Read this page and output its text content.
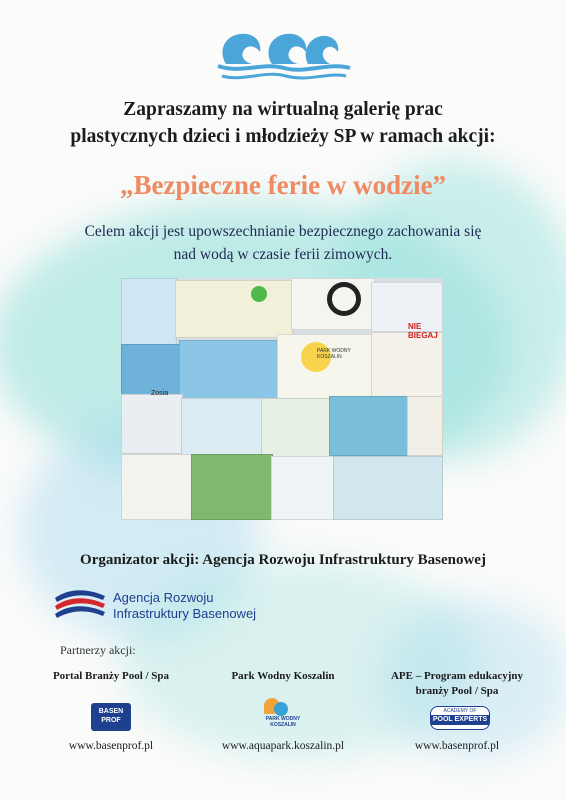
Zapraszamy na wirtualną galerię prac
plastycznych dzieci i młodzieży SP w ramach akcji:
„Bezpieczne ferie w wodzie”
Celem akcji jest upowszechnianie bezpiecznego zachowania się
nad wodą w czasie ferii zimowych.
NIE BIEGAJ
PARK WODNY KOSZALIN
Zosia
Organizator akcji: Agencja Rozwoju Infrastruktury Basenowej
Agencja Rozwoju
Infrastruktury Basenowej
Partnerzy akcji:
Portal Branży Pool / Spa
BASEN
PROF
www.basenprof.pl
Park Wodny Koszalin
PARK WODNY
KOSZALIN
www.aquapark.koszalin.pl
APE – Program edukacyjny
branży Pool / Spa
ACADEMY OF
POOL EXPERTS
www.basenprof.pl
